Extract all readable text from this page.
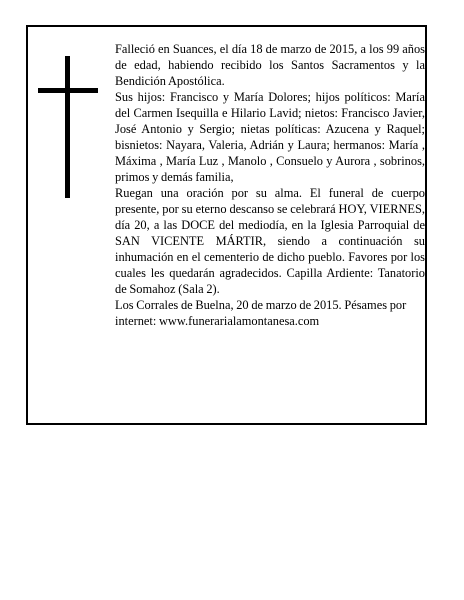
Falleció en Suances, el día 18 de marzo de 2015, a los 99 años de edad, habiendo recibido los Santos Sacramentos y la Bendición Apostólica.

Sus hijos: Francisco y María Dolores; hijos políticos: María del Carmen Isequilla e Hilario Lavid; nietos: Francisco Javier, José Antonio y Sergio; nietas políticas: Azucena y Raquel; bisnietos: Nayara, Valeria, Adrián y Laura; hermanos: María , Máxima , María Luz , Manolo , Consuelo y Aurora , sobrinos, primos y demás familia,

Ruegan una oración por su alma. El funeral de cuerpo presente, por su eterno descanso se celebrará HOY, VIERNES, día 20, a las DOCE del mediodía, en la Iglesia Parroquial de SAN VICENTE MÁRTIR, siendo a continuación su inhumación en el cementerio de dicho pueblo. Favores por los cuales les quedarán agradecidos. Capilla Ardiente: Tanatorio de Somahoz (Sala 2).

Los Corrales de Buelna, 20 de marzo de 2015. Pésames por internet: www.funerarialamontanesa.com
